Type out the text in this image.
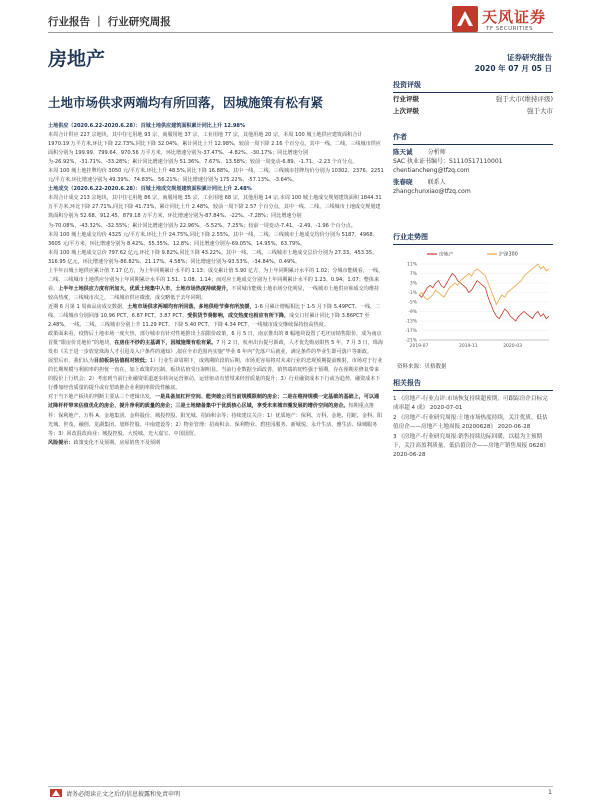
行业报告 ｜ 行业研究周报	天风证券
TF SECURITIES
房地产	证券研究报告
2020 年 07 月 05 日
土地市场供求两端均有所回落，因城施策有松有紧

土地供应（2020.6.22-2020.6.28）：百城土地供应建筑面积累计同比上升 12.98%

本周合计供应 227 宗地块，其中住宅用地 93 宗，商服用地 37 宗，工业用地 77 宗，其他用地 20 宗，本周 100 城土地供应建筑面积合计 1970.19 万平方米,环比下降 22.73%,同比下降 32.04%，累计同比上升 12.98%，较前一周下降 2.16 个百分点。其中一线、二线、三线城市供应面积分别为 199.99、799.64、970.56 万平方米，环比增速分别为-37.47%、-4.82%、-30.17%；同比增速分别为-26.92%、-31.71%、-33.28%；累计同比增速分别为 51.36%、7.67%、13.58%；较前一周变动-6.89、-1.71、-2.23 个百分点。

本周 100 城土地挂牌均价 3050 元/平方米,环比上升 48.5%,同比下降 16.88%。其中一线、二线、三线城市挂牌均价分别为 10302、2376、2251 元/平方米,环比增速分别为 49.39%、74.83%、56.21%；同比增速分别为 175.22%、-57.13%、-3.64%。

土地成交（2020.6.22-2020.6.28）：百城土地成交规划建筑面积累计同比上升 2.48%

本周合计成交 213 宗地块，其中住宅用地 86 宗，商服用地 35 宗，工业用地 68 宗，其他用地 14 宗,本周 100 城土地成交规划建筑面积 1844.31 万平方米,环比下降 27.71%,同比下降 41.73%，累计同比上升 2.48%，较前一周下降 2.57 个百分点。其中一线、二线、三线城市土地成交规划建筑面积分别为 52.68、912.45、879.18 万平方米，环比增速分别为-87.84%、-22%、-7.28%；同比增速分别为-70.08%、-43.32%、-32.55%；累计同比增速分别为 22.96%、-5.52%、7.25%；较前一周变动-7.41、-2.49、-1.96 个百分点。

本周 100 城土地成交均价 4325 元/平方米,环比上升 24.75%,同比下降 2.55%。其中一线、二线、三线城市土地成交均价分别为 5187、4968、3605 元/平方米，环比增速分别为 8.42%、55.35%、12.8%；同比增速分别为-69.05%、14.95%、63.79%。

本周 100 城土地成交总价 797.62 亿元,环比下降 9.82%,同比下降 43.22%。其中一线、二线、三线城市土地成交总价分别为 27.33、453.35、316.95 亿元，环比增速分别为-86.82%、21.17%、4.58%；同比增速分别为-93.53%、-34.84%、0.49%。

上半年百城土地供应累计值 7.17 亿方，为上年同期累计水平的 1.13；成交累计值 5.90 亿方，为上年同期累计水平的 1.02；分城市能级看，一线、二线、三线城市土地供应分别为上年同期累计水平的 1.51、1.08、1.14；而对应土地成交分别为上年同期累计水平的 1.23、0.94、1.07；整体来看，上半年土地供应力度有所加大，优质土地集中入市，土地市场热度持续提升，不同城市能级土地市场分化明显，一线城市土地供应和成交均维持较高热度，三线城市次之，二线城市供应微涨，成交略低于去年同期。

近期 6 月第 1 周商品房成交数据，土地市场供求两端均有所回落，多地供给节奏有所放缓，1-6 月累计增幅相比于 1-5 月下降 5.49PCT。一线、二线、三线城市分别回落 10.96 PCT、6.87 PCT、3.87 PCT。受供货节奏影响，成交热度也相应有所下降，成交口径累计同比下降 3.86PCT 至 2.48%，一线、二线、三线城市分别上升 11.29 PCT、下降 5.40 PCT、下降 4.34 PCT，一线城市成交继续保持较高热度。

政策面来看，疫情后土地市场一度火热，部分城市有针对性地推出土拍限价政策，6 月 5 日，南京推出的 8 幅地块设置了毛坯房销售限价，成为南京首批“限房价竞地价”的地块，在房住不炒的主基调下，因城施策有松有紧。7 月 2 日，杭州出台提号新政，人才优先购房限售 5 年，7 月 3 日，珠海发布《关于进一步放宽珠海人才引进及入户条件的通知》,拟在全市范围内实施“毕业 6 年内”先落户后就业，满足条件的毕业生即可落户等新政。

展望后市，我们认为目前板块估值相对较低；1）行业生命周期下，成熟期阶段的后期，市场更容易将对未来行业的悲观预期提前映射，市场对于行业的长期规模与利润率的担忧一直在，加上政策的压制，板块估值受压制明显。当前行业数据全面改善，销售端的韧性强于预期，存在预期差修复带来的股价上行机会；2）考虑到当前行业融资渠道逐步转向运营驱动，运营驱动有望带来经营质量的提升；3）行业融资成本下行或为趋势，融资成本下行叠加经营质量的提升或有望助推企业利润率阶段性触底。

对于当下地产板块的判断主要从三个逻辑出发，一是具备加杠杆空间、能突破公司当前规模限制的房企；二是在维持规模一定基础的基础上，可以通过降杆杆带来估值优化的房企、提升净利的质量的房企；三是土地储备集中于优质核心区域，享受未来城市圈发展的增价空间的房企。短期重点推荐：保利地产、万科 A、金地集团、金科股份、城投控股、阳光城、招商积余等；持续建议关注：1）优质地产：保利、万科、金地、招蛇、金科、阳光城、世茂、融创、龙湖集团、旭辉控股、中南建设等；2）物业管理：招商积余、保利物业、碧桂园服务、新城悦、永升生活、雅生活、绿城服务等；3）回改混改商业：城投控股、大悦城、光大嘉宝、中国国贸。

风险提示：政策变化不及预期、房屋销售不及预期

投资评级
行业评级	强于大市(维持评级)
上次评级	强于大市
作者
陈天诚	分析师
SAC 执业证书编号：S1110517110001
chentiancheng@tfzq.com
张春晓	联系人
zhangchunxiao@tfzq.com
行业走势图
11%
7%
3%
-1%
-5%
-9%
-13%
-17%
-21%
2019-07	2019-11	2020-03
房地产	沪深300
资料来源：贝格数据
相关报告

1 《房地产-行业点评:市场恢复持续超预期，可跟踪房企目标完成率超 4 成》 2020-07-01

2 《房地产-行业研究周报:土地市场热度持续，关注优质、低估值房企——房地产土地周报 20200628》 2020-06-28

3 《房地产-行业研究周报:销售持续边际回暖，以稳为主预期下，关注高盈利质量、低估值房企——房地产销售周报 0628》 2020-06-28

请务必阅读正文之后的信息披露和免责申明	1
